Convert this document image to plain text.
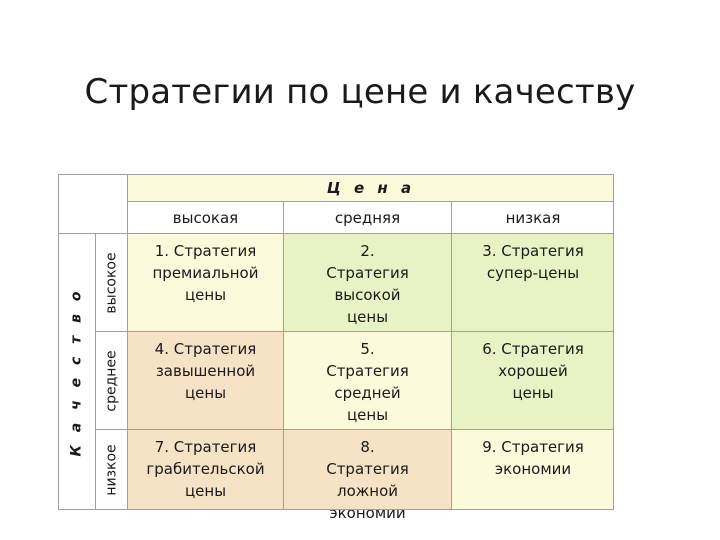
Стратегии по цене и качеству
Ц е н а
высокая	средняя	низкая
К а ч е с т в о
высокое
среднее
низкое
1. Стратегия премиальной цены
2. Стратегия высокой цены
3. Стратегия супер-цены
4. Стратегия завышенной цены
5. Стратегия средней цены
6. Стратегия хорошей цены
7. Стратегия грабительской цены
8. Стратегия ложной экономии
9. Стратегия экономии
